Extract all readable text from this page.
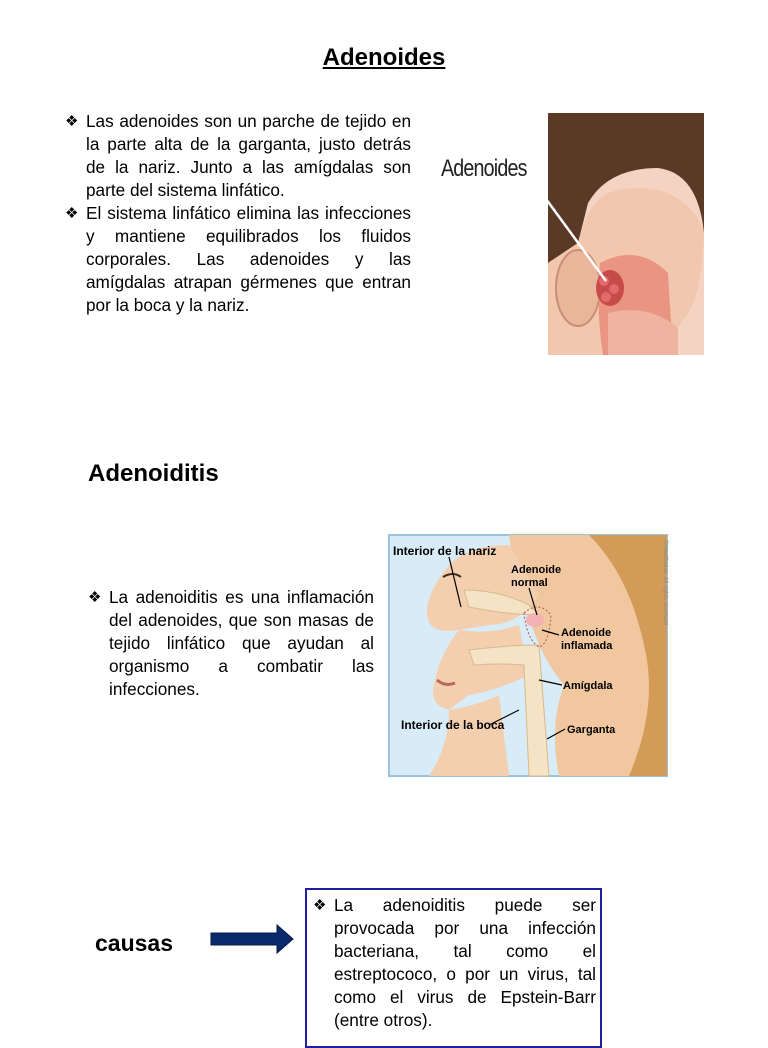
Adenoides
❖ Las adenoides son un parche de tejido en la parte alta de la garganta, justo detrás de la nariz. Junto a las amígdalas son parte del sistema linfático.
❖ El sistema linfático elimina las infecciones y mantiene equilibrados los fluidos corporales. Las adenoides y las amígdalas atrapan gérmenes que entran por la boca y la nariz.
Adenoides
Adenoiditis
❖ La adenoiditis es una inflamación del adenoides, que son masas de tejido linfático que ayudan al organismo a combatir las infecciones.
Interior de la nariz
Adenoide
normal
Adenoide
inflamada
Amígdala
Interior de la boca	Garganta
©Healthwise, All rights reserved
causas
❖ La adenoiditis puede ser provocada por una infección bacteriana, tal como el estreptococo, o por un virus, tal como el virus de Epstein-Barr (entre otros).
